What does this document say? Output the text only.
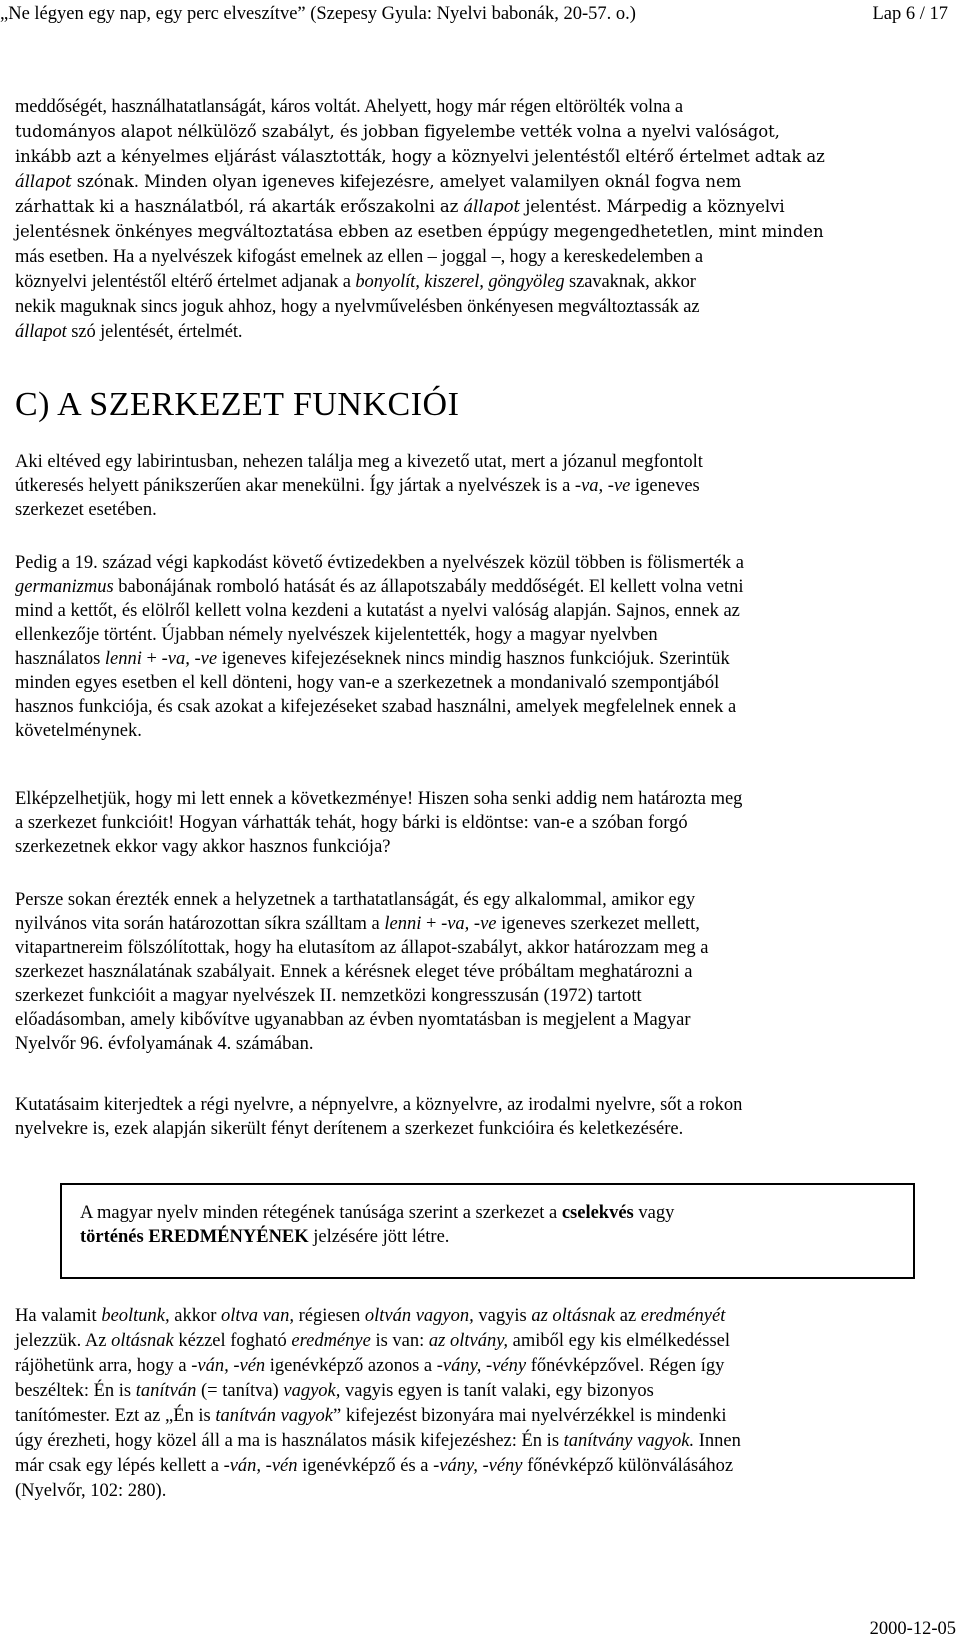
„Ne légyen egy nap, egy perc elveszítve” (Szepesy Gyula: Nyelvi babonák, 20-57. o.)	Lap 6 / 17

meddőségét, használhatatlanságát, káros voltát. Ahelyett, hogy már régen eltörölték volna a
tudományos alapot nélkülöző szabályt, és jobban figyelembe vették volna a nyelvi valóságot,
inkább azt a kényelmes eljárást választották, hogy a köznyelvi jelentéstől eltérő értelmet adtak az
állapot szónak. Minden olyan igeneves kifejezésre, amelyet valamilyen oknál fogva nem
zárhattak ki a használatból, rá akarták erőszakolni az állapot jelentést. Márpedig a köznyelvi
jelentésnek önkényes megváltoztatása ebben az esetben éppúgy megengedhetetlen, mint minden
más esetben. Ha a nyelvészek kifogást emelnek az ellen – joggal –, hogy a kereskedelemben a
köznyelvi jelentéstől eltérő értelmet adjanak a bonyolít, kiszerel, göngyöleg szavaknak, akkor
nekik maguknak sincs joguk ahhoz, hogy a nyelvművelésben önkényesen megváltoztassák az
állapot szó jelentését, értelmét.

C) A SZERKEZET FUNKCIÓI

Aki eltéved egy labirintusban, nehezen találja meg a kivezető utat, mert a józanul megfontolt
útkeresés helyett pánikszerűen akar menekülni. Így jártak a nyelvészek is a -va, -ve igeneves
szerkezet esetében.

Pedig a 19. század végi kapkodást követő évtizedekben a nyelvészek közül többen is fölismerték a
germanizmus babonájának romboló hatását és az állapotszabály meddőségét. El kellett volna vetni
mind a kettőt, és elölről kellett volna kezdeni a kutatást a nyelvi valóság alapján. Sajnos, ennek az
ellenkezője történt. Újabban némely nyelvészek kijelentették, hogy a magyar nyelvben
használatos lenni + -va, -ve igeneves kifejezéseknek nincs mindig hasznos funkciójuk. Szerintük
minden egyes esetben el kell dönteni, hogy van-e a szerkezetnek a mondanivaló szempontjából
hasznos funkciója, és csak azokat a kifejezéseket szabad használni, amelyek megfelelnek ennek a
követelménynek.

Elképzelhetjük, hogy mi lett ennek a következménye! Hiszen soha senki addig nem határozta meg
a szerkezet funkcióit! Hogyan várhatták tehát, hogy bárki is eldöntse: van-e a szóban forgó
szerkezetnek ekkor vagy akkor hasznos funkciója?

Persze sokan érezték ennek a helyzetnek a tarthatatlanságát, és egy alkalommal, amikor egy
nyilvános vita során határozottan síkra szálltam a lenni + -va, -ve igeneves szerkezet mellett,
vitapartnereim fölszólítottak, hogy ha elutasítom az állapot-szabályt, akkor határozzam meg a
szerkezet használatának szabályait. Ennek a kérésnek eleget téve próbáltam meghatározni a
szerkezet funkcióit a magyar nyelvészek II. nemzetközi kongresszusán (1972) tartott
előadásomban, amely kibővítve ugyanabban az évben nyomtatásban is megjelent a Magyar
Nyelvőr 96. évfolyamának 4. számában.

Kutatásaim kiterjedtek a régi nyelvre, a népnyelvre, a köznyelvre, az irodalmi nyelvre, sőt a rokon
nyelvekre is, ezek alapján sikerült fényt derítenem a szerkezet funkcióira és keletkezésére.

A magyar nyelv minden rétegének tanúsága szerint a szerkezet a cselekvés vagy
történés EREDMÉNYÉNEK jelzésére jött létre.

Ha valamit beoltunk, akkor oltva van, régiesen oltván vagyon, vagyis az oltásnak az eredményét
jelezzük. Az oltásnak kézzel fogható eredménye is van: az oltvány, amiből egy kis elmélkedéssel
rájöhetünk arra, hogy a -ván, -vén igenévképző azonos a -vány, -vény főnévképzővel. Régen így
beszéltek: Én is tanítván (= tanítva) vagyok, vagyis egyen is tanít valaki, egy bizonyos
tanítómester. Ezt az „Én is tanítván vagyok” kifejezést bizonyára mai nyelvérzékkel is mindenki
úgy érezheti, hogy közel áll a ma is használatos másik kifejezéshez: Én is tanítvány vagyok. Innen
már csak egy lépés kellett a -ván, -vén igenévképző és a -vány, -vény főnévképző különválásához
(Nyelvőr, 102: 280).

2000-12-05
